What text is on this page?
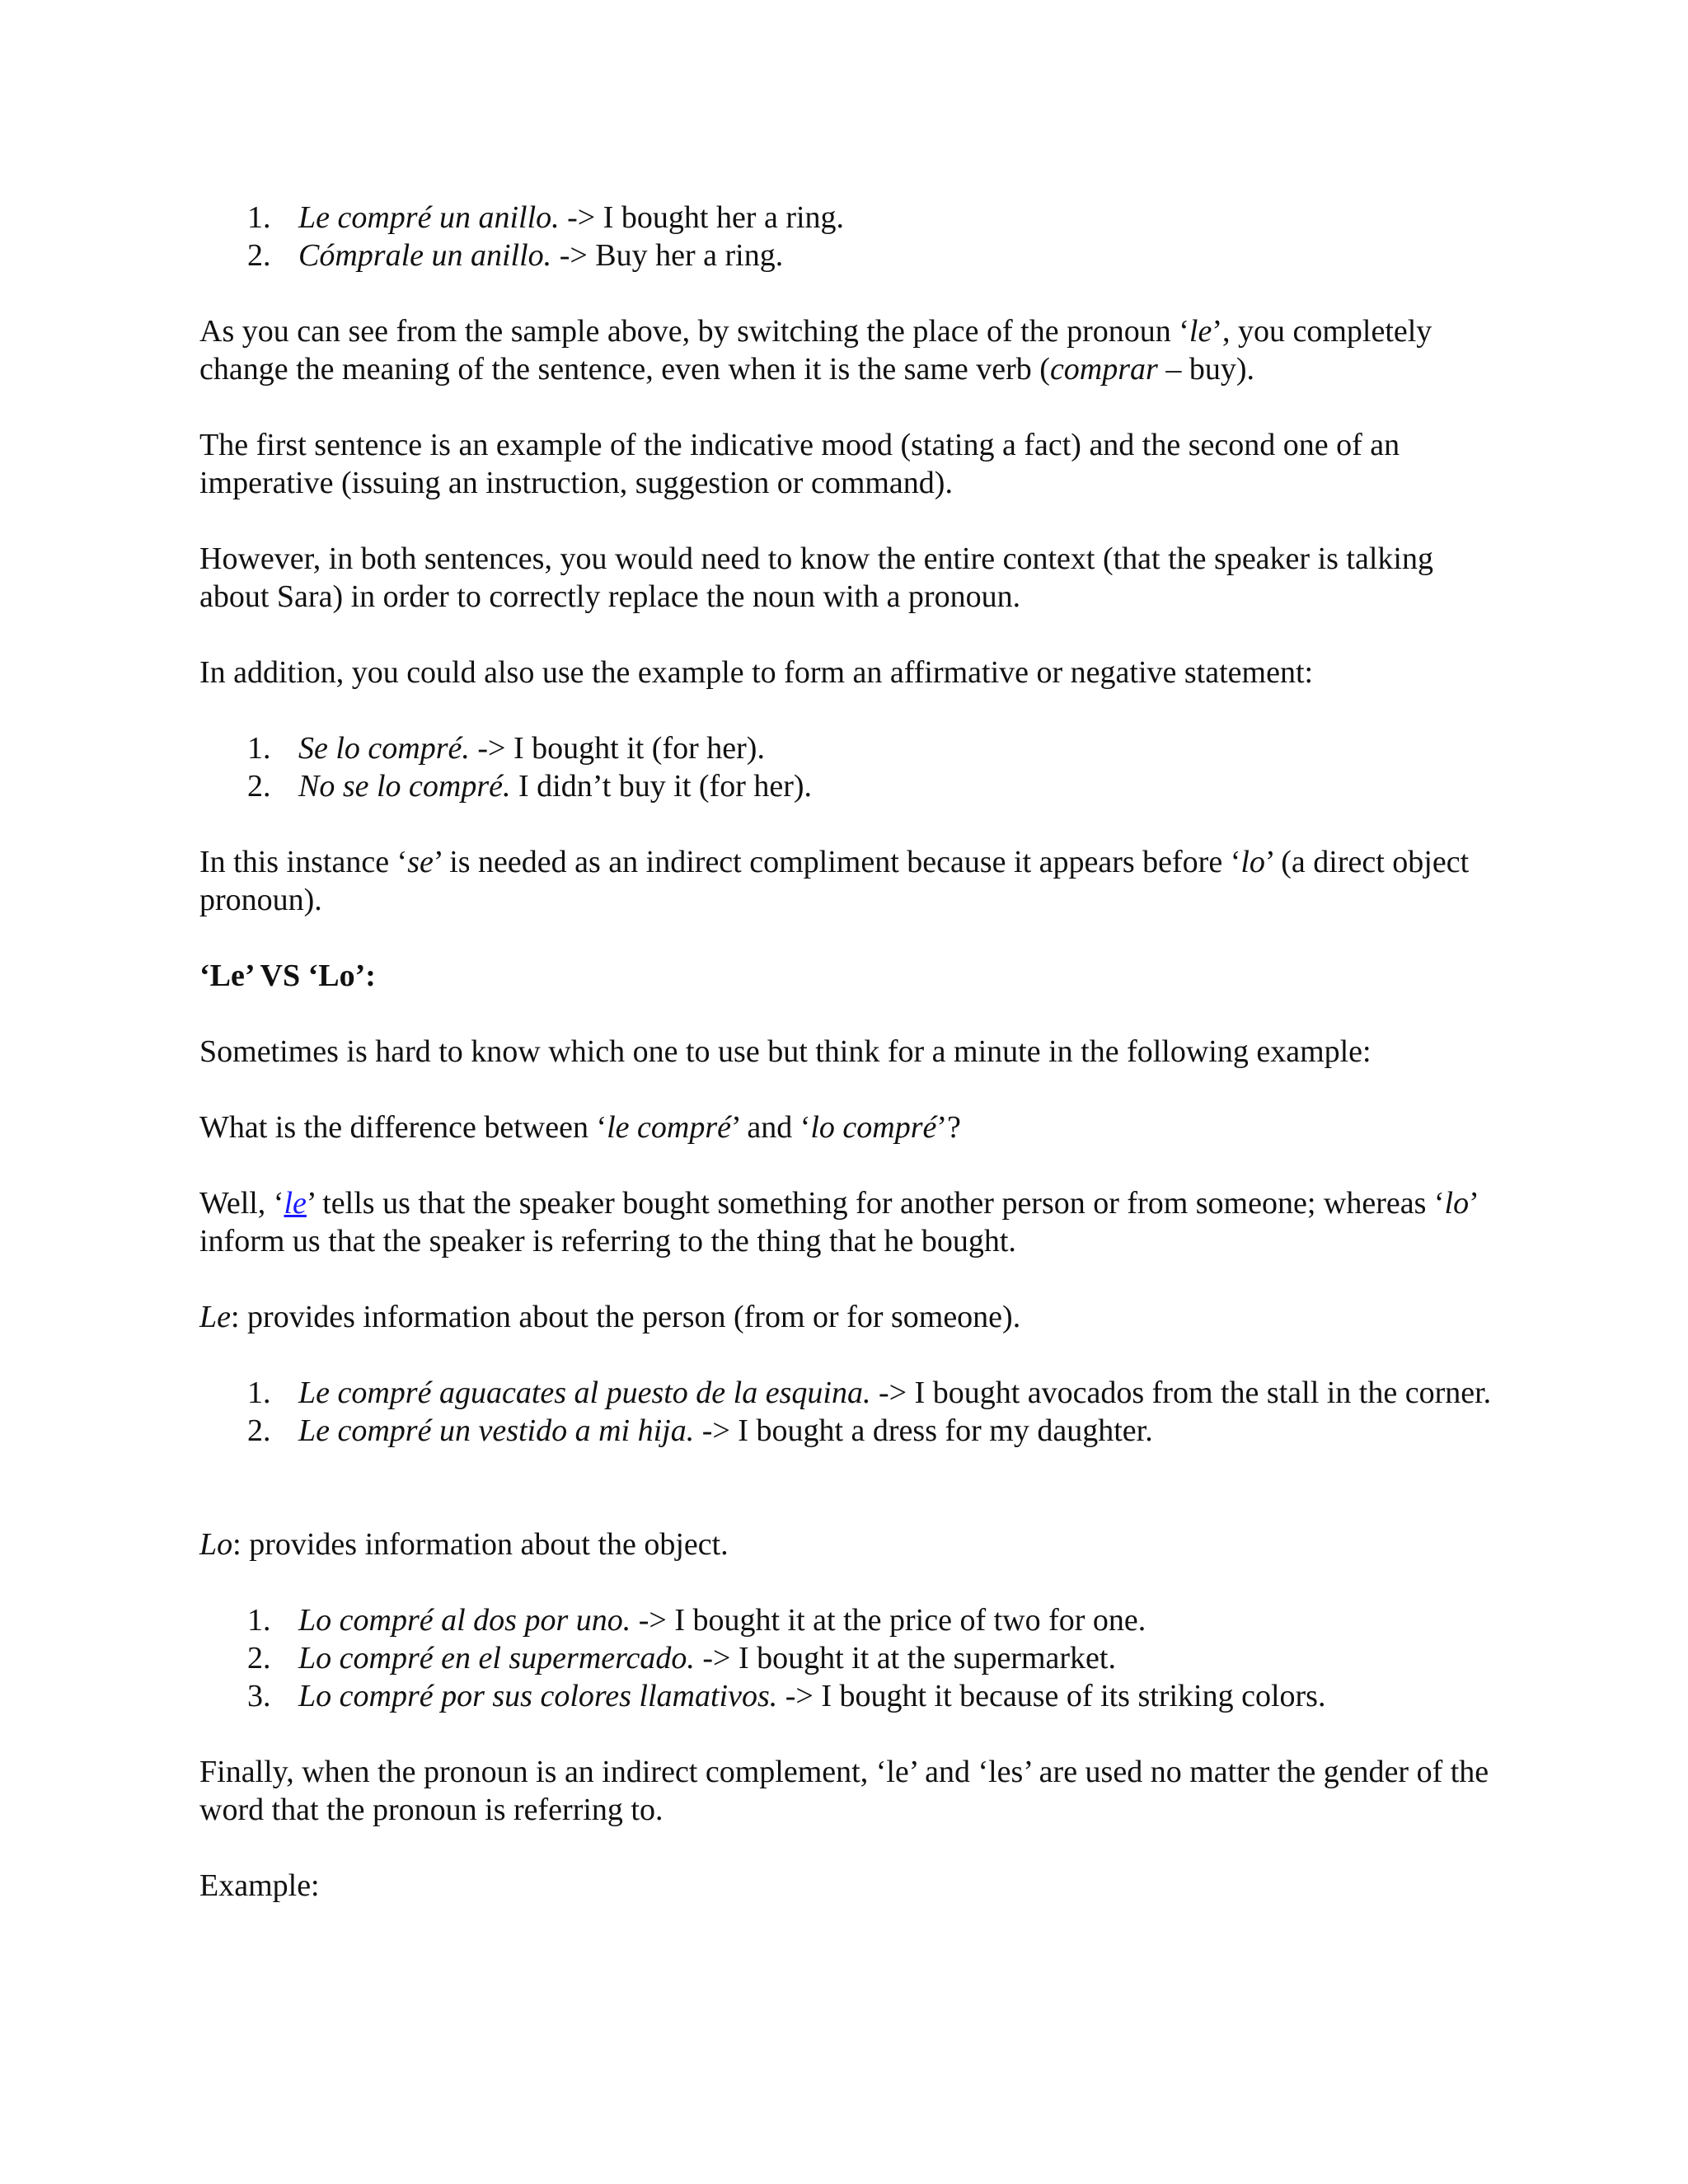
1. Le compré un anillo. -> I bought her a ring.
2. Cómprale un anillo. -> Buy her a ring.

As you can see from the sample above, by switching the place of the pronoun ‘le’, you completely change the meaning of the sentence, even when it is the same verb (comprar – buy).

The first sentence is an example of the indicative mood (stating a fact) and the second one of an imperative (issuing an instruction, suggestion or command).

However, in both sentences, you would need to know the entire context (that the speaker is talking about Sara) in order to correctly replace the noun with a pronoun.

In addition, you could also use the example to form an affirmative or negative statement:

1. Se lo compré. -> I bought it (for her).
2. No se lo compré. I didn’t buy it (for her).

In this instance ‘se’ is needed as an indirect compliment because it appears before ‘lo’ (a direct object pronoun).

‘Le’ VS ‘Lo’:

Sometimes is hard to know which one to use but think for a minute in the following example:

What is the difference between ‘le compré’ and ‘lo compré’?

Well, ‘le’ tells us that the speaker bought something for another person or from someone; whereas ‘lo’ inform us that the speaker is referring to the thing that he bought.

Le: provides information about the person (from or for someone).

1. Le compré aguacates al puesto de la esquina. -> I bought avocados from the stall in the corner.
2. Le compré un vestido a mi hija. -> I bought a dress for my daughter.

Lo: provides information about the object.

1. Lo compré al dos por uno. -> I bought it at the price of two for one.
2. Lo compré en el supermercado. -> I bought it at the supermarket.
3. Lo compré por sus colores llamativos. -> I bought it because of its striking colors.

Finally, when the pronoun is an indirect complement, ‘le’ and ‘les’ are used no matter the gender of the word that the pronoun is referring to.

Example:
